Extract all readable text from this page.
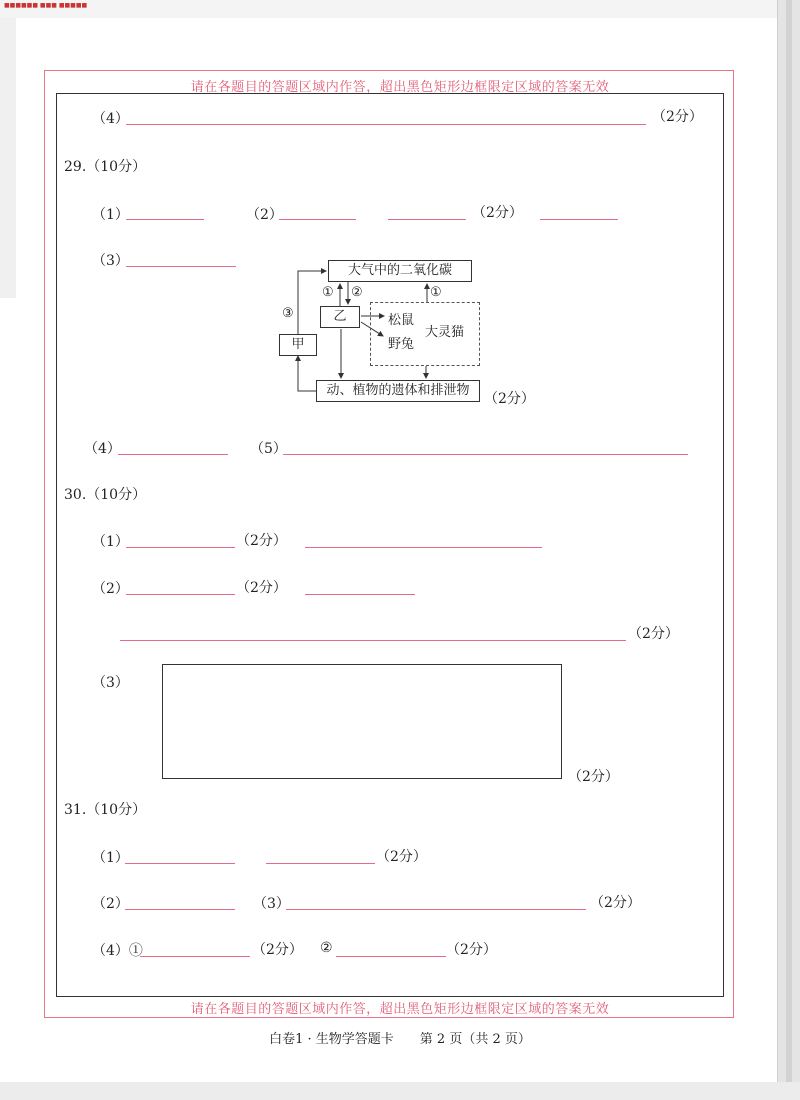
■■■■■■ ■■■ ■■■■■
请在各题目的答题区域内作答，超出黑色矩形边框限定区域的答案无效
（4）	（2分）
29.（10分）
（1）	（2）	（2分）
（3）
大气中的二氧化碳
乙
甲
松鼠
野兔
大灵猫
动、植物的遗体和排泄物
① ②
③
①
（2分）
（4）	（5）
30.（10分）
（1）	（2分）
（2）	（2分）
（2分）
（3）
（2分）
31.（10分）
（1）	（2分）
（2）	（3）	（2分）
（4）①	（2分） ②	（2分）
请在各题目的答题区域内作答，超出黑色矩形边框限定区域的答案无效
白卷1 · 生物学答题卡　　第 2 页（共 2 页）
